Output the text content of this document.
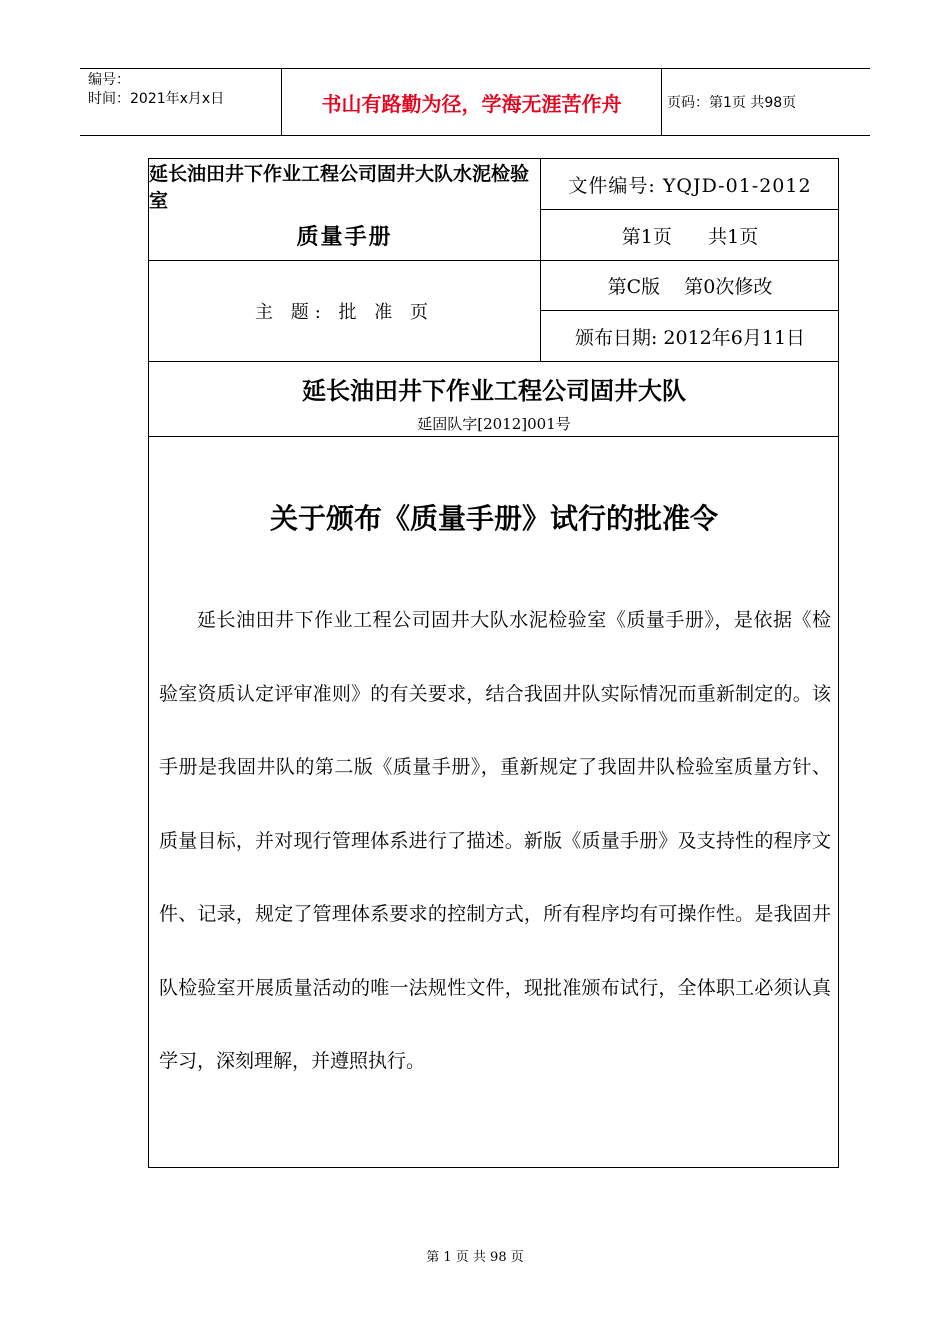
编号：
时间：2021年x月x日	书山有路勤为径，学海无涯苦作舟	页码：第1页 共98页
延长油田井下作业工程公司固井大队水泥检验室
质量手册
文件编号: YQJD-01-2012
第1页      共1页
第C版    第0次修改
主 题: 批 准 页
颁布日期: 2012年6月11日
延长油田井下作业工程公司固井大队
延固队字[2012]001号
关于颁布《质量手册》试行的批准令
延长油田井下作业工程公司固井大队水泥检验室《质量手册》，是依据《检验室资质认定评审准则》的有关要求，结合我固井队实际情况而重新制定的。该手册是我固井队的第二版《质量手册》，重新规定了我固井队检验室质量方针、质量目标，并对现行管理体系进行了描述。新版《质量手册》及支持性的程序文件、记录，规定了管理体系要求的控制方式，所有程序均有可操作性。是我固井队检验室开展质量活动的唯一法规性文件，现批准颁布试行，全体职工必须认真学习，深刻理解，并遵照执行。
第 1 页 共 98 页
